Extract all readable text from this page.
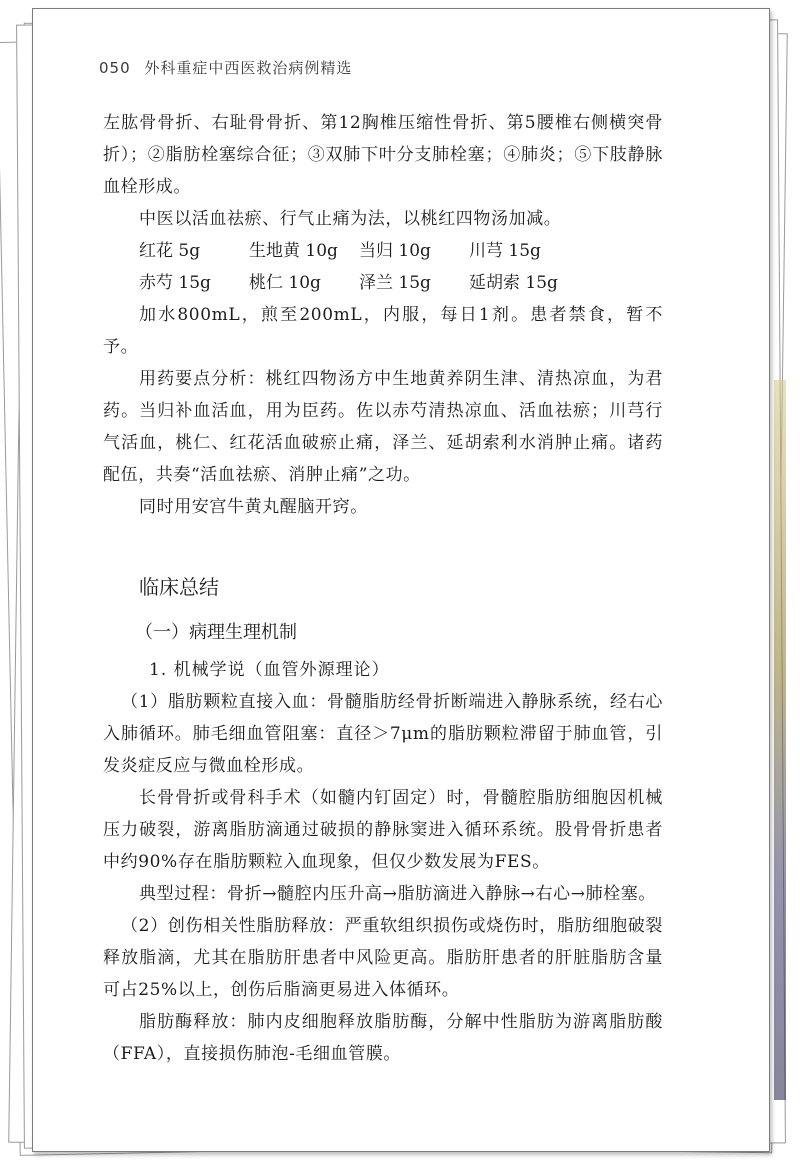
050 外科重症中西医救治病例精选

左肱骨骨折、右耻骨骨折、第12胸椎压缩性骨折、第5腰椎右侧横突骨折）；②脂肪栓塞综合征；③双肺下叶分支肺栓塞；④肺炎；⑤下肢静脉血栓形成。

中医以活血祛瘀、行气止痛为法，以桃红四物汤加减。

红花 5g	生地黄 10g	当归 10g	川芎 15g
赤芍 15g	桃仁 10g	泽兰 15g	延胡索 15g

加水800mL，煎至200mL，内服，每日1剂。患者禁食，暂不予。

用药要点分析：桃红四物汤方中生地黄养阴生津、清热凉血，为君药。当归补血活血，用为臣药。佐以赤芍清热凉血、活血祛瘀；川芎行气活血，桃仁、红花活血破瘀止痛，泽兰、延胡索利水消肿止痛。诸药配伍，共奏“活血祛瘀、消肿止痛”之功。

同时用安宫牛黄丸醒脑开窍。

临床总结
（一）病理生理机制
1. 机械学说（血管外源理论）

（1）脂肪颗粒直接入血：骨髓脂肪经骨折断端进入静脉系统，经右心入肺循环。肺毛细血管阻塞：直径＞7μm的脂肪颗粒滞留于肺血管，引发炎症反应与微血栓形成。

长骨骨折或骨科手术（如髓内钉固定）时，骨髓腔脂肪细胞因机械压力破裂，游离脂肪滴通过破损的静脉窦进入循环系统。股骨骨折患者中约90%存在脂肪颗粒入血现象，但仅少数发展为FES。

典型过程：骨折→髓腔内压升高→脂肪滴进入静脉→右心→肺栓塞。

（2）创伤相关性脂肪释放：严重软组织损伤或烧伤时，脂肪细胞破裂释放脂滴，尤其在脂肪肝患者中风险更高。脂肪肝患者的肝脏脂肪含量可占25%以上，创伤后脂滴更易进入体循环。

脂肪酶释放：肺内皮细胞释放脂肪酶，分解中性脂肪为游离脂肪酸（FFA），直接损伤肺泡-毛细血管膜。
